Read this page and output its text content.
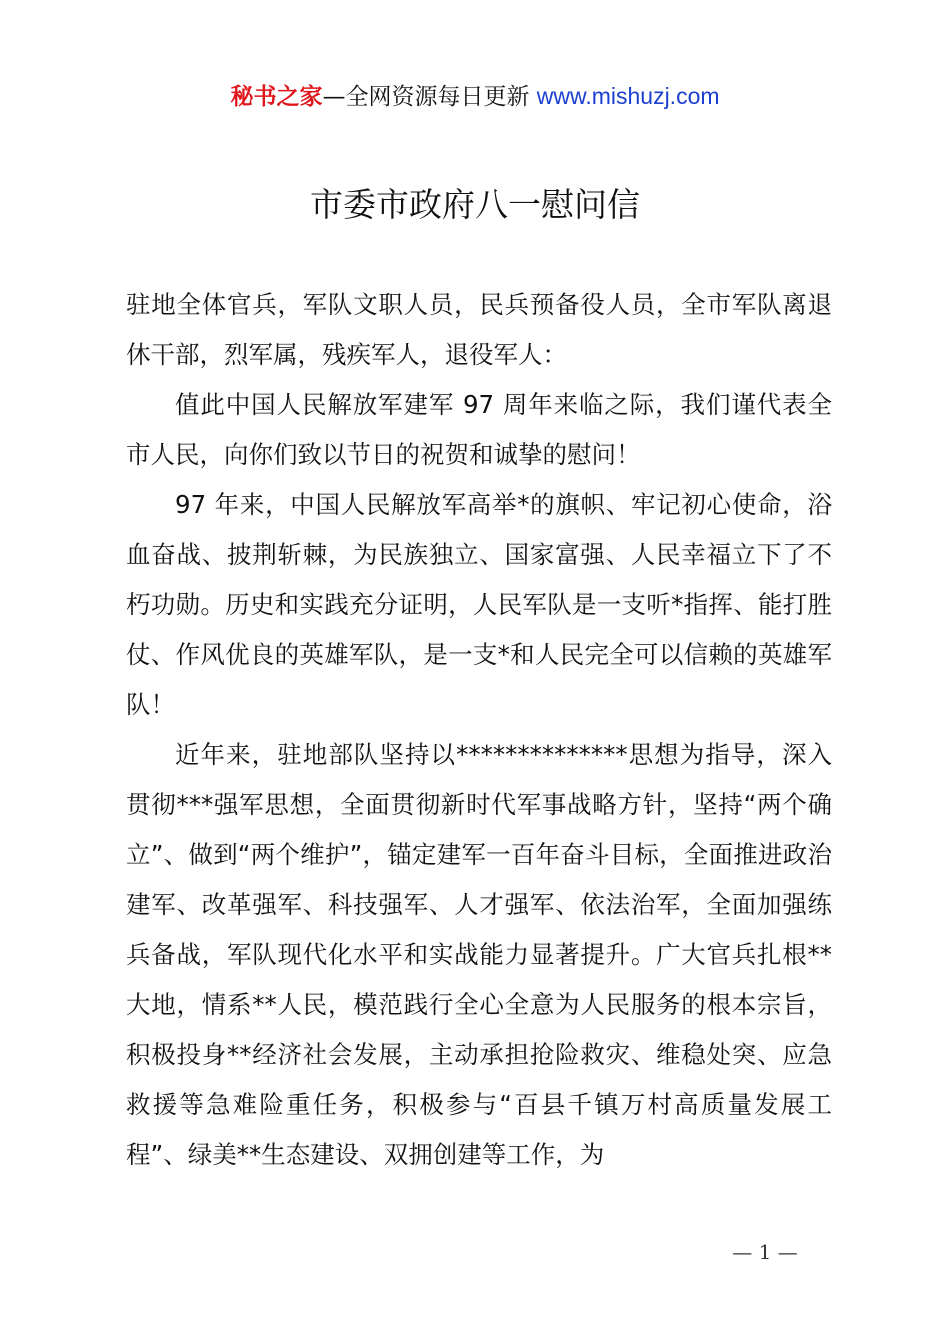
秘书之家—全网资源每日更新 www.mishuzj.com
市委市政府八一慰问信

驻地全体官兵，军队文职人员，民兵预备役人员，全市军队离退休干部，烈军属，残疾军人，退役军人：

值此中国人民解放军建军 97 周年来临之际，我们谨代表全市人民，向你们致以节日的祝贺和诚挚的慰问！

97 年来，中国人民解放军高举*的旗帜、牢记初心使命，浴血奋战、披荆斩棘，为民族独立、国家富强、人民幸福立下了不朽功勋。历史和实践充分证明，人民军队是一支听*指挥、能打胜仗、作风优良的英雄军队，是一支*和人民完全可以信赖的英雄军队！

近年来，驻地部队坚持以**************思想为指导，深入贯彻***强军思想，全面贯彻新时代军事战略方针，坚持“两个确立”、做到“两个维护”，锚定建军一百年奋斗目标，全面推进政治建军、改革强军、科技强军、人才强军、依法治军，全面加强练兵备战，军队现代化水平和实战能力显著提升。广大官兵扎根**大地，情系**人民，模范践行全心全意为人民服务的根本宗旨，积极投身**经济社会发展，主动承担抢险救灾、维稳处突、应急救援等急难险重任务，积极参与“百县千镇万村高质量发展工程”、绿美**生态建设、双拥创建等工作，为

— 1 —
